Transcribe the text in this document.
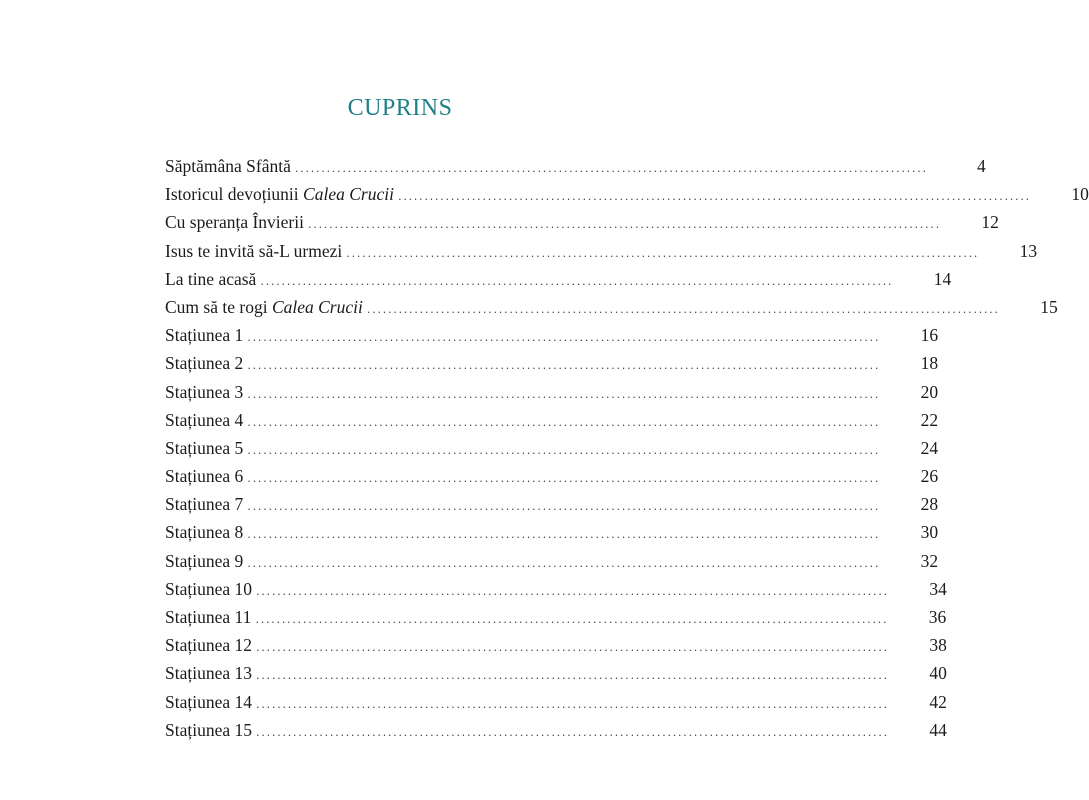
CUPRINS
Săptămâna Sfântă ․․․․․․․․․․․․․․․․․․․․․․․․․․․․․․․․․․․․․․․․․․․․․․․․․․․․․․․․․․․․․․․․․․․․․․․․․․․․․․․․․․․․․․․․․․․․․․․․․․․․․․․․․․․․․․․․․․․․․․․․	4
Istoricul devoțiunii Calea Crucii ․․․․․․․․․․․․․․․․․․․․․․․․․․․․․․․․․․․․․․․․․․․․․․․․․․․․․․․․․․․․․․․․․․․․․․․․․․․․․․․․․․․․․․․․․․․․․․․․․․․․․․․․․․․․․․․․․․․․․․․․	10
Cu speranța Învierii ․․․․․․․․․․․․․․․․․․․․․․․․․․․․․․․․․․․․․․․․․․․․․․․․․․․․․․․․․․․․․․․․․․․․․․․․․․․․․․․․․․․․․․․․․․․․․․․․․․․․․․․․․․․․․․․․․․․․․․․․	12
Isus te invită să-L urmezi ․․․․․․․․․․․․․․․․․․․․․․․․․․․․․․․․․․․․․․․․․․․․․․․․․․․․․․․․․․․․․․․․․․․․․․․․․․․․․․․․․․․․․․․․․․․․․․․․․․․․․․․․․․․․․․․․․․․․․․․․	13
La tine acasă ․․․․․․․․․․․․․․․․․․․․․․․․․․․․․․․․․․․․․․․․․․․․․․․․․․․․․․․․․․․․․․․․․․․․․․․․․․․․․․․․․․․․․․․․․․․․․․․․․․․․․․․․․․․․․․․․․․․․․․․․	14
Cum să te rogi Calea Crucii ․․․․․․․․․․․․․․․․․․․․․․․․․․․․․․․․․․․․․․․․․․․․․․․․․․․․․․․․․․․․․․․․․․․․․․․․․․․․․․․․․․․․․․․․․․․․․․․․․․․․․․․․․․․․․․․․․․․․․․․․	15
Stațiunea 1 ․․․․․․․․․․․․․․․․․․․․․․․․․․․․․․․․․․․․․․․․․․․․․․․․․․․․․․․․․․․․․․․․․․․․․․․․․․․․․․․․․․․․․․․․․․․․․․․․․․․․․․․․․․․․․․․․․․․․․․․․	16
Stațiunea 2 ․․․․․․․․․․․․․․․․․․․․․․․․․․․․․․․․․․․․․․․․․․․․․․․․․․․․․․․․․․․․․․․․․․․․․․․․․․․․․․․․․․․․․․․․․․․․․․․․․․․․․․․․․․․․․․․․․․․․․․․․	18
Stațiunea 3 ․․․․․․․․․․․․․․․․․․․․․․․․․․․․․․․․․․․․․․․․․․․․․․․․․․․․․․․․․․․․․․․․․․․․․․․․․․․․․․․․․․․․․․․․․․․․․․․․․․․․․․․․․․․․․․․․․․․․․․․․	20
Stațiunea 4 ․․․․․․․․․․․․․․․․․․․․․․․․․․․․․․․․․․․․․․․․․․․․․․․․․․․․․․․․․․․․․․․․․․․․․․․․․․․․․․․․․․․․․․․․․․․․․․․․․․․․․․․․․․․․․․․․․․․․․․․․	22
Stațiunea 5 ․․․․․․․․․․․․․․․․․․․․․․․․․․․․․․․․․․․․․․․․․․․․․․․․․․․․․․․․․․․․․․․․․․․․․․․․․․․․․․․․․․․․․․․․․․․․․․․․․․․․․․․․․․․․․․․․․․․․․․․․	24
Stațiunea 6 ․․․․․․․․․․․․․․․․․․․․․․․․․․․․․․․․․․․․․․․․․․․․․․․․․․․․․․․․․․․․․․․․․․․․․․․․․․․․․․․․․․․․․․․․․․․․․․․․․․․․․․․․․․․․․․․․․․․․․․․․	26
Stațiunea 7 ․․․․․․․․․․․․․․․․․․․․․․․․․․․․․․․․․․․․․․․․․․․․․․․․․․․․․․․․․․․․․․․․․․․․․․․․․․․․․․․․․․․․․․․․․․․․․․․․․․․․․․․․․․․․․․․․․․․․․․․․	28
Stațiunea 8 ․․․․․․․․․․․․․․․․․․․․․․․․․․․․․․․․․․․․․․․․․․․․․․․․․․․․․․․․․․․․․․․․․․․․․․․․․․․․․․․․․․․․․․․․․․․․․․․․․․․․․․․․․․․․․․․․․․․․․․․․	30
Stațiunea 9 ․․․․․․․․․․․․․․․․․․․․․․․․․․․․․․․․․․․․․․․․․․․․․․․․․․․․․․․․․․․․․․․․․․․․․․․․․․․․․․․․․․․․․․․․․․․․․․․․․․․․․․․․․․․․․․․․․․․․․․․․	32
Stațiunea 10 ․․․․․․․․․․․․․․․․․․․․․․․․․․․․․․․․․․․․․․․․․․․․․․․․․․․․․․․․․․․․․․․․․․․․․․․․․․․․․․․․․․․․․․․․․․․․․․․․․․․․․․․․․․․․․․․․․․․․․․․․	34
Stațiunea 11 ․․․․․․․․․․․․․․․․․․․․․․․․․․․․․․․․․․․․․․․․․․․․․․․․․․․․․․․․․․․․․․․․․․․․․․․․․․․․․․․․․․․․․․․․․․․․․․․․․․․․․․․․․․․․․․․․․․․․․․․․	36
Stațiunea 12 ․․․․․․․․․․․․․․․․․․․․․․․․․․․․․․․․․․․․․․․․․․․․․․․․․․․․․․․․․․․․․․․․․․․․․․․․․․․․․․․․․․․․․․․․․․․․․․․․․․․․․․․․․․․․․․․․․․․․․․․․	38
Stațiunea 13 ․․․․․․․․․․․․․․․․․․․․․․․․․․․․․․․․․․․․․․․․․․․․․․․․․․․․․․․․․․․․․․․․․․․․․․․․․․․․․․․․․․․․․․․․․․․․․․․․․․․․․․․․․․․․․․․․․․․․․․․․	40
Stațiunea 14 ․․․․․․․․․․․․․․․․․․․․․․․․․․․․․․․․․․․․․․․․․․․․․․․․․․․․․․․․․․․․․․․․․․․․․․․․․․․․․․․․․․․․․․․․․․․․․․․․․․․․․․․․․․․․․․․․․․․․․․․․	42
Stațiunea 15 ․․․․․․․․․․․․․․․․․․․․․․․․․․․․․․․․․․․․․․․․․․․․․․․․․․․․․․․․․․․․․․․․․․․․․․․․․․․․․․․․․․․․․․․․․․․․․․․․․․․․․․․․․․․․․․․․․․․․․․․․	44
